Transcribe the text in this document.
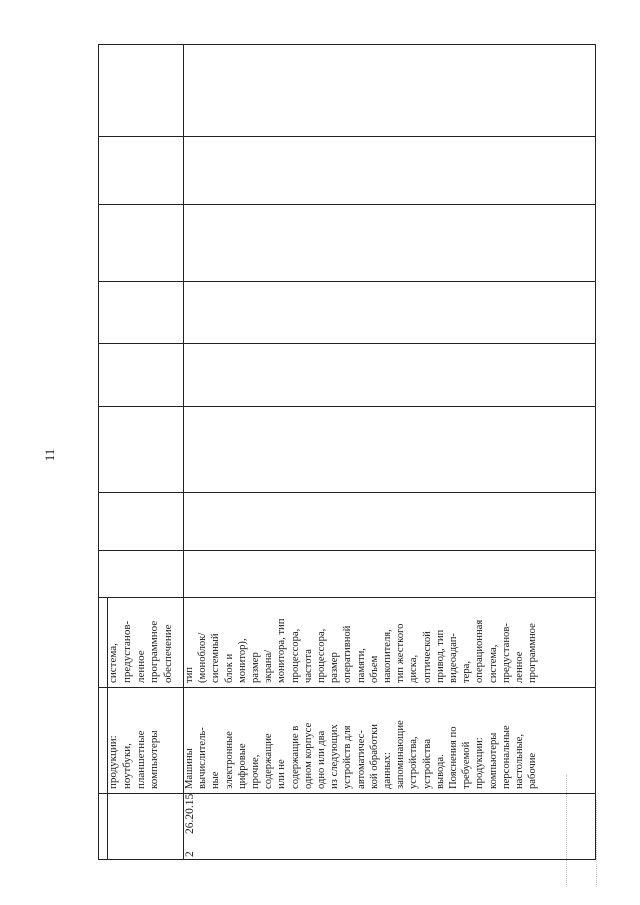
11
продукции:
ноутбуки,
планшетные
компьютеры
система,
предустанов-
ленное
программное
обеспечение
2
26.20.15
Машины
вычислитель-
ные
электронные
цифровые
прочие,
содержащие
или не
содержащие в
одном корпусе
одно или два
из следующих
устройств для
автоматичес-
кой обработки
данных:
запоминающие
устройства,
устройства
вывода.
Пояснения по
требуемой
продукции:
компьютеры
персональные
настольные,
рабочие
тип
(моноблок/
системный
блок и
монитор),
размер
экрана/
монитора, тип
процессора,
частота
процессора,
размер
оперативной
памяти,
объем
накопителя,
тип жесткого
диска,
оптической
привод, тип
видеоадап-
тера,
операционная
система,
предустанов-
ленное
программное
